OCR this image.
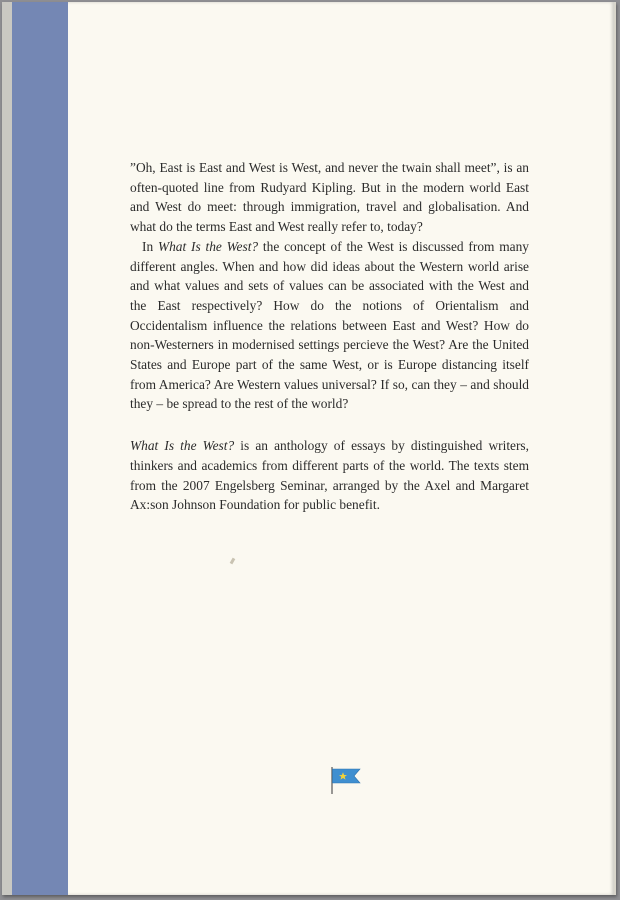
”Oh, East is East and West is West, and never the twain shall meet”, is an often-quoted line from Rudyard Kipling. But in the modern world East and West do meet: through immigration, travel and globalisation. And what do the terms East and West really refer to, today?

In What Is the West? the concept of the West is discussed from many different angles. When and how did ideas about the Western world arise and what values and sets of values can be associated with the West and the East respectively? How do the notions of Orientalism and Occidentalism influence the relations between East and West? How do non-Westerners in modernised settings percieve the West? Are the United States and Europe part of the same West, or is Europe distancing itself from America? Are Western values universal? If so, can they – and should they – be spread to the rest of the world?

What Is the West? is an anthology of essays by distinguished writers, thinkers and academics from different parts of the world. The texts stem from the 2007 Engelsberg Seminar, arranged by the Axel and Margaret Ax:son Johnson Foundation for public benefit.
